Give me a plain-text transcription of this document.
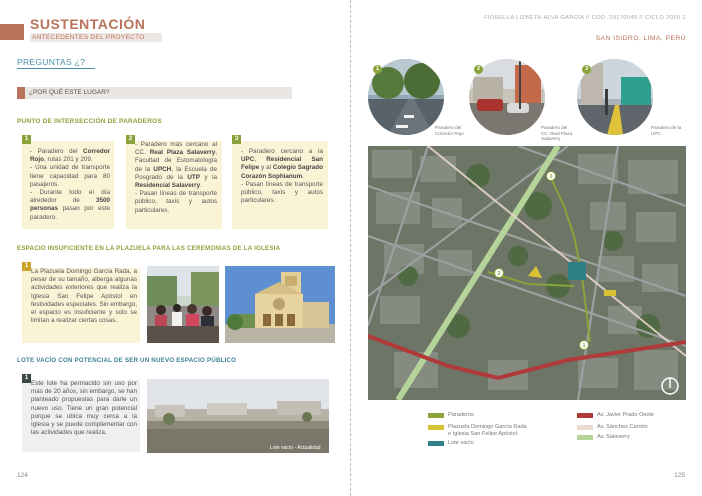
SUSTENTACIÓN
ANTECEDENTES DEL PROYECTO
PREGUNTAS ¿?
¿POR QUÉ ESTE LUGAR?
PUNTO DE INTERSECCIÓN DE PARADEROS
1
- Paradero del Corredor Rojo, rutas 201 y 209.
- Una unidad de transporte tiene capacidad para 80 pasajeros.
- Durante todo el día alrededor de 3500 personas pasan por este paradero.
2
- Paradero más cercano al CC. Real Plaza Salaverry, Facultad de Estomatología de la UPCH, la Escuela de Posgrado de la UTP y la Residencial Salaverry.
- Pasan líneas de transporte público, taxis y autos particulares.
3
- Paradero cercano a la UPC, Residencial San Felipe y al Colegio Sagrado Corazón Sophianum.
- Pasan líneas de transporte público, taxis y autos particulares.
ESPACIO INSUFICIENTE EN LA PLAZUELA PARA LAS CEREMONIAS DE LA IGLESIA
1
La Plazuela Domingo García Rada, a pesar de su tamaño, alberga algunas actividades exteriores que realiza la Iglesia San Felipe Apóstol en festividades especiales. Sin embargo, el espacio es insuficiente y solo se limitan a realizar ciertas cosas.
LOTE VACÍO CON POTENCIAL DE SER UN NUEVO ESPACIO PÚBLICO
1
Este lote ha permacido sin uso por más de 20 años, sin embargo, se han planteado propuestas para darle un nuevo uso. Tiene un gran potencial porque se ubica muy cerca a la Iglesia y se puede complementar con las actividades que realiza.
Lote vacío - Actualidad
124
FIORELLA LIZBETH ALVA GARCÍA // COD. 20170048 // CICLO 2020-2
SAN ISIDRO, LIMA, PERÚ
1
Paradero del Corredor Rojo
2
Paradero del CC. Real Plaza Salaverry
3
Paradero de la UPC
3
2
1
Paraderos
Plazuela Domingo García Rada
e Iglesia San Felipe Apóstol
Lote vacío
Av. Javier Prado Oeste
Av. Sánchez Carrión
Av. Salaverry
125
